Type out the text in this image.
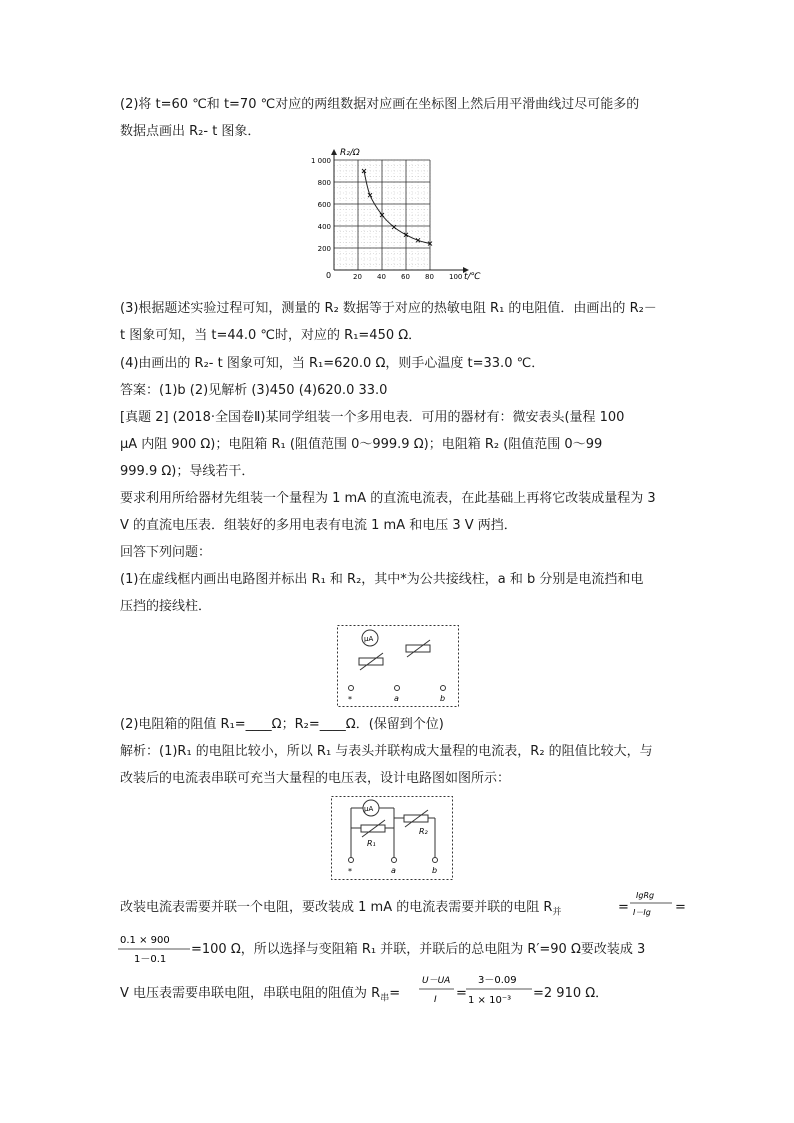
(2)将 t=60 ℃和 t=70 ℃对应的两组数据对应画在坐标图上然后用平滑曲线过尽可能多的
数据点画出 R₂- t 图象．
20 40 60 80 100
200
400
600
800
1 000
R₂/Ω
t/℃
0
(3)根据题述实验过程可知，测量的 R₂ 数据等于对应的热敏电阻 R₁ 的电阻值．由画出的 R₂－
t 图象可知，当 t=44.0 ℃时，对应的 R₁=450 Ω．
(4)由画出的 R₂- t 图象可知，当 R₁=620.0 Ω，则手心温度 t=33.0 ℃．
答案：(1)b (2)见解析 (3)450 (4)620.0 33.0
[真题 2] (2018·全国卷Ⅱ)某同学组装一个多用电表．可用的器材有：微安表头(量程 100
μA 内阻 900 Ω)；电阻箱 R₁ (阻值范围 0～999.9 Ω)；电阻箱 R₂ (阻值范围 0～99
999.9 Ω)；导线若干．
要求利用所给器材先组装一个量程为 1 mA 的直流电流表，在此基础上再将它改装成量程为 3
V 的直流电压表．组装好的多用电表有电流 1 mA 和电压 3 V 两挡．
回答下列问题：
(1)在虚线框内画出电路图并标出 R₁ 和 R₂，其中*为公共接线柱，a 和 b 分别是电流挡和电
压挡的接线柱．
μA
*	a	b
(2)电阻箱的阻值 R₁=____Ω；R₂=____Ω．(保留到个位)
解析：(1)R₁ 的电阻比较小，所以 R₁ 与表头并联构成大量程的电流表，R₂ 的阻值比较大，与
改装后的电流表串联可充当大量程的电压表，设计电路图如图所示：
μA
R₁
R₂
*	a	b
改装电流表需要并联一个电阻，要改装成 1 mA 的电流表需要并联的电阻 $R_并$
IgRg
I－Ig
=	=
0.1 × 900
1－0.1
=100 Ω，所以选择与变阻箱 R₁ 并联，并联后的总电阻为 R′=90 Ω要改装成 3
V 电压表需要串联电阻，串联电阻的阻值为 $R_串=$
U－UA
I =
3－0.09
1 × 10⁻³ =2 910 Ω．
